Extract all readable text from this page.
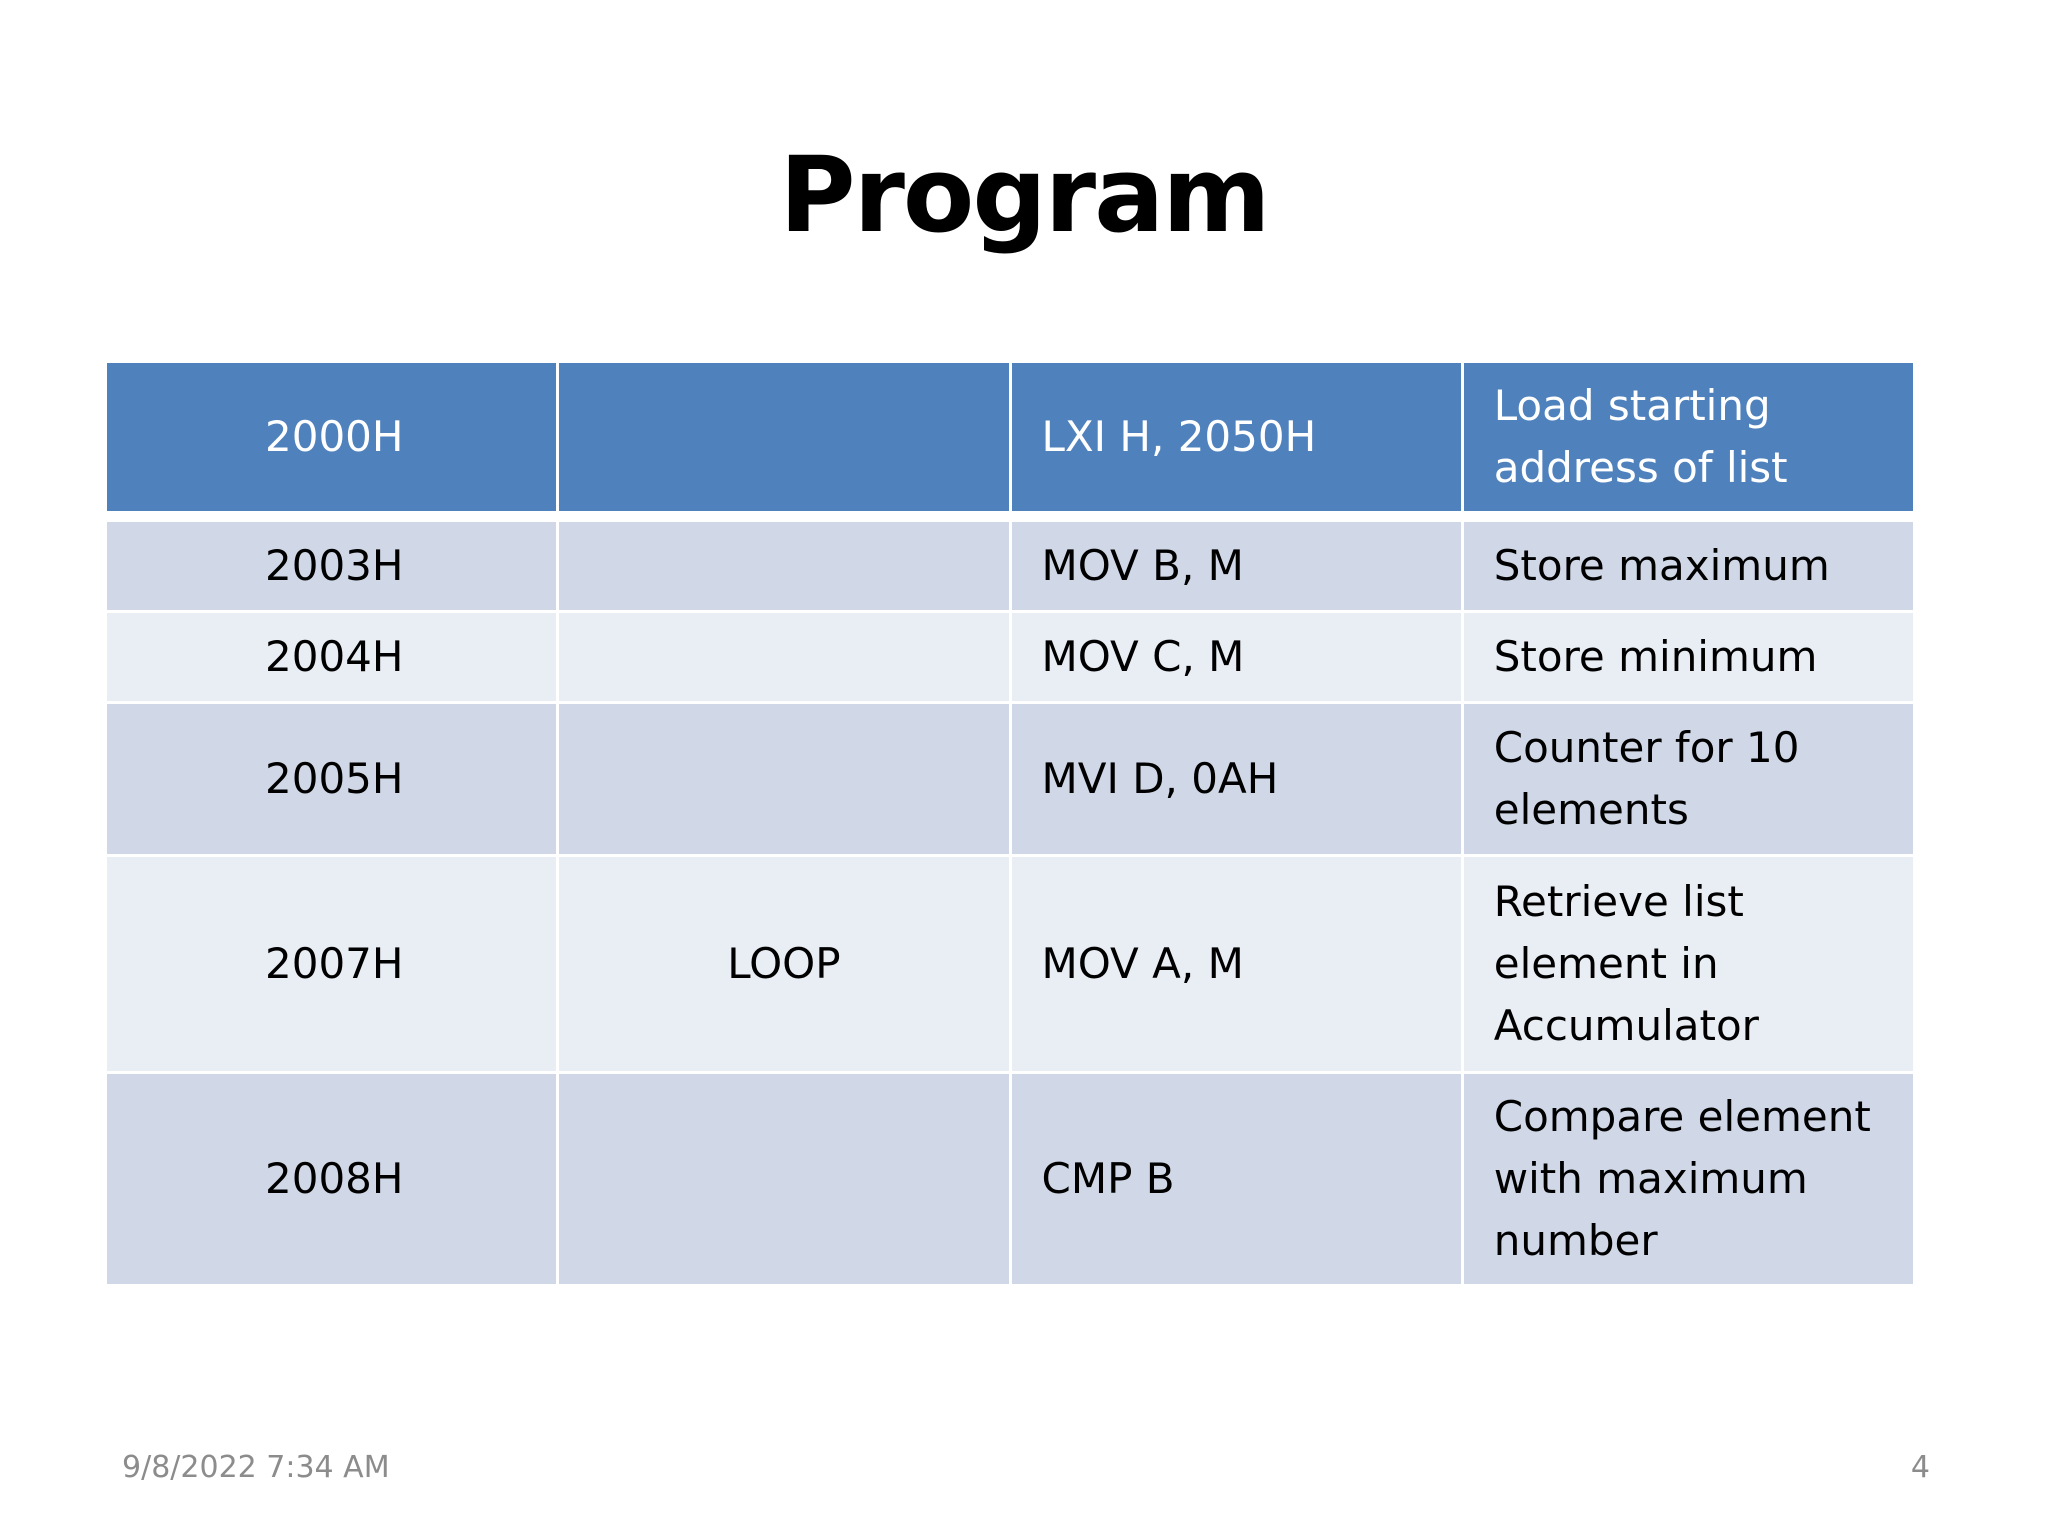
Program
2000H		LXI H, 2050H	Load starting address of list

2003H		MOV B, M	Store maximum
2004H		MOV C, M	Store minimum
2005H		MVI D, 0AH	Counter for 10 elements
2007H	LOOP	MOV A, M	Retrieve list element in Accumulator
2008H		CMP B	Compare element with maximum number
9/8/2022 7:34 AM	4
